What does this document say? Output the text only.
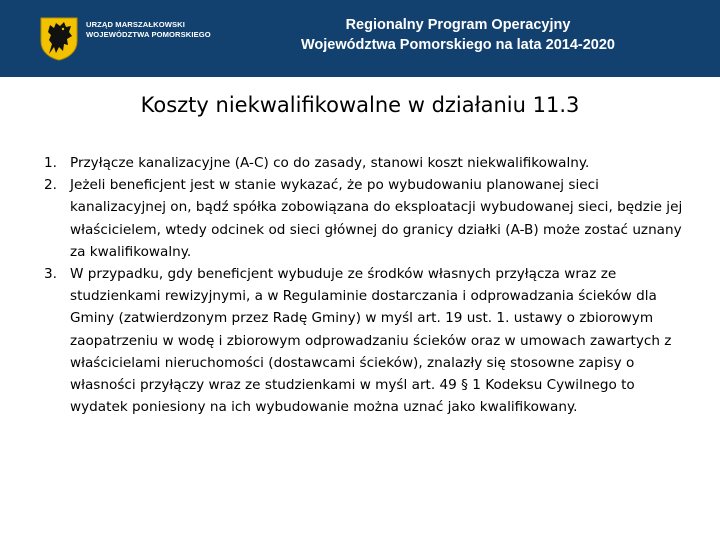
URZĄD MARSZAŁKOWSKI
WOJEWÓDZTWA POMORSKIEGO
Regionalny Program Operacyjny
Województwa Pomorskiego na lata 2014-2020
Koszty niekwalifikowalne w działaniu 11.3
1. Przyłącze kanalizacyjne (A-C) co do zasady, stanowi koszt niekwalifikowalny.
2. Jeżeli beneficjent jest w stanie wykazać, że po wybudowaniu planowanej sieci kanalizacyjnej on, bądź spółka zobowiązana do eksploatacji wybudowanej sieci, będzie jej właścicielem, wtedy odcinek od sieci głównej do granicy działki (A-B) może zostać uznany za kwalifikowalny.
3. W przypadku, gdy beneficjent wybuduje ze środków własnych przyłącza wraz ze studzienkami rewizyjnymi, a w Regulaminie dostarczania i odprowadzania ścieków dla Gminy (zatwierdzonym przez Radę Gminy) w myśl art. 19 ust. 1. ustawy o zbiorowym zaopatrzeniu w wodę i zbiorowym odprowadzaniu ścieków oraz w umowach zawartych z właścicielami nieruchomości (dostawcami ścieków), znalazły się stosowne zapisy o własności przyłączy wraz ze studzienkami w myśl art. 49 § 1 Kodeksu Cywilnego to wydatek poniesiony na ich wybudowanie można uznać jako kwalifikowany.
